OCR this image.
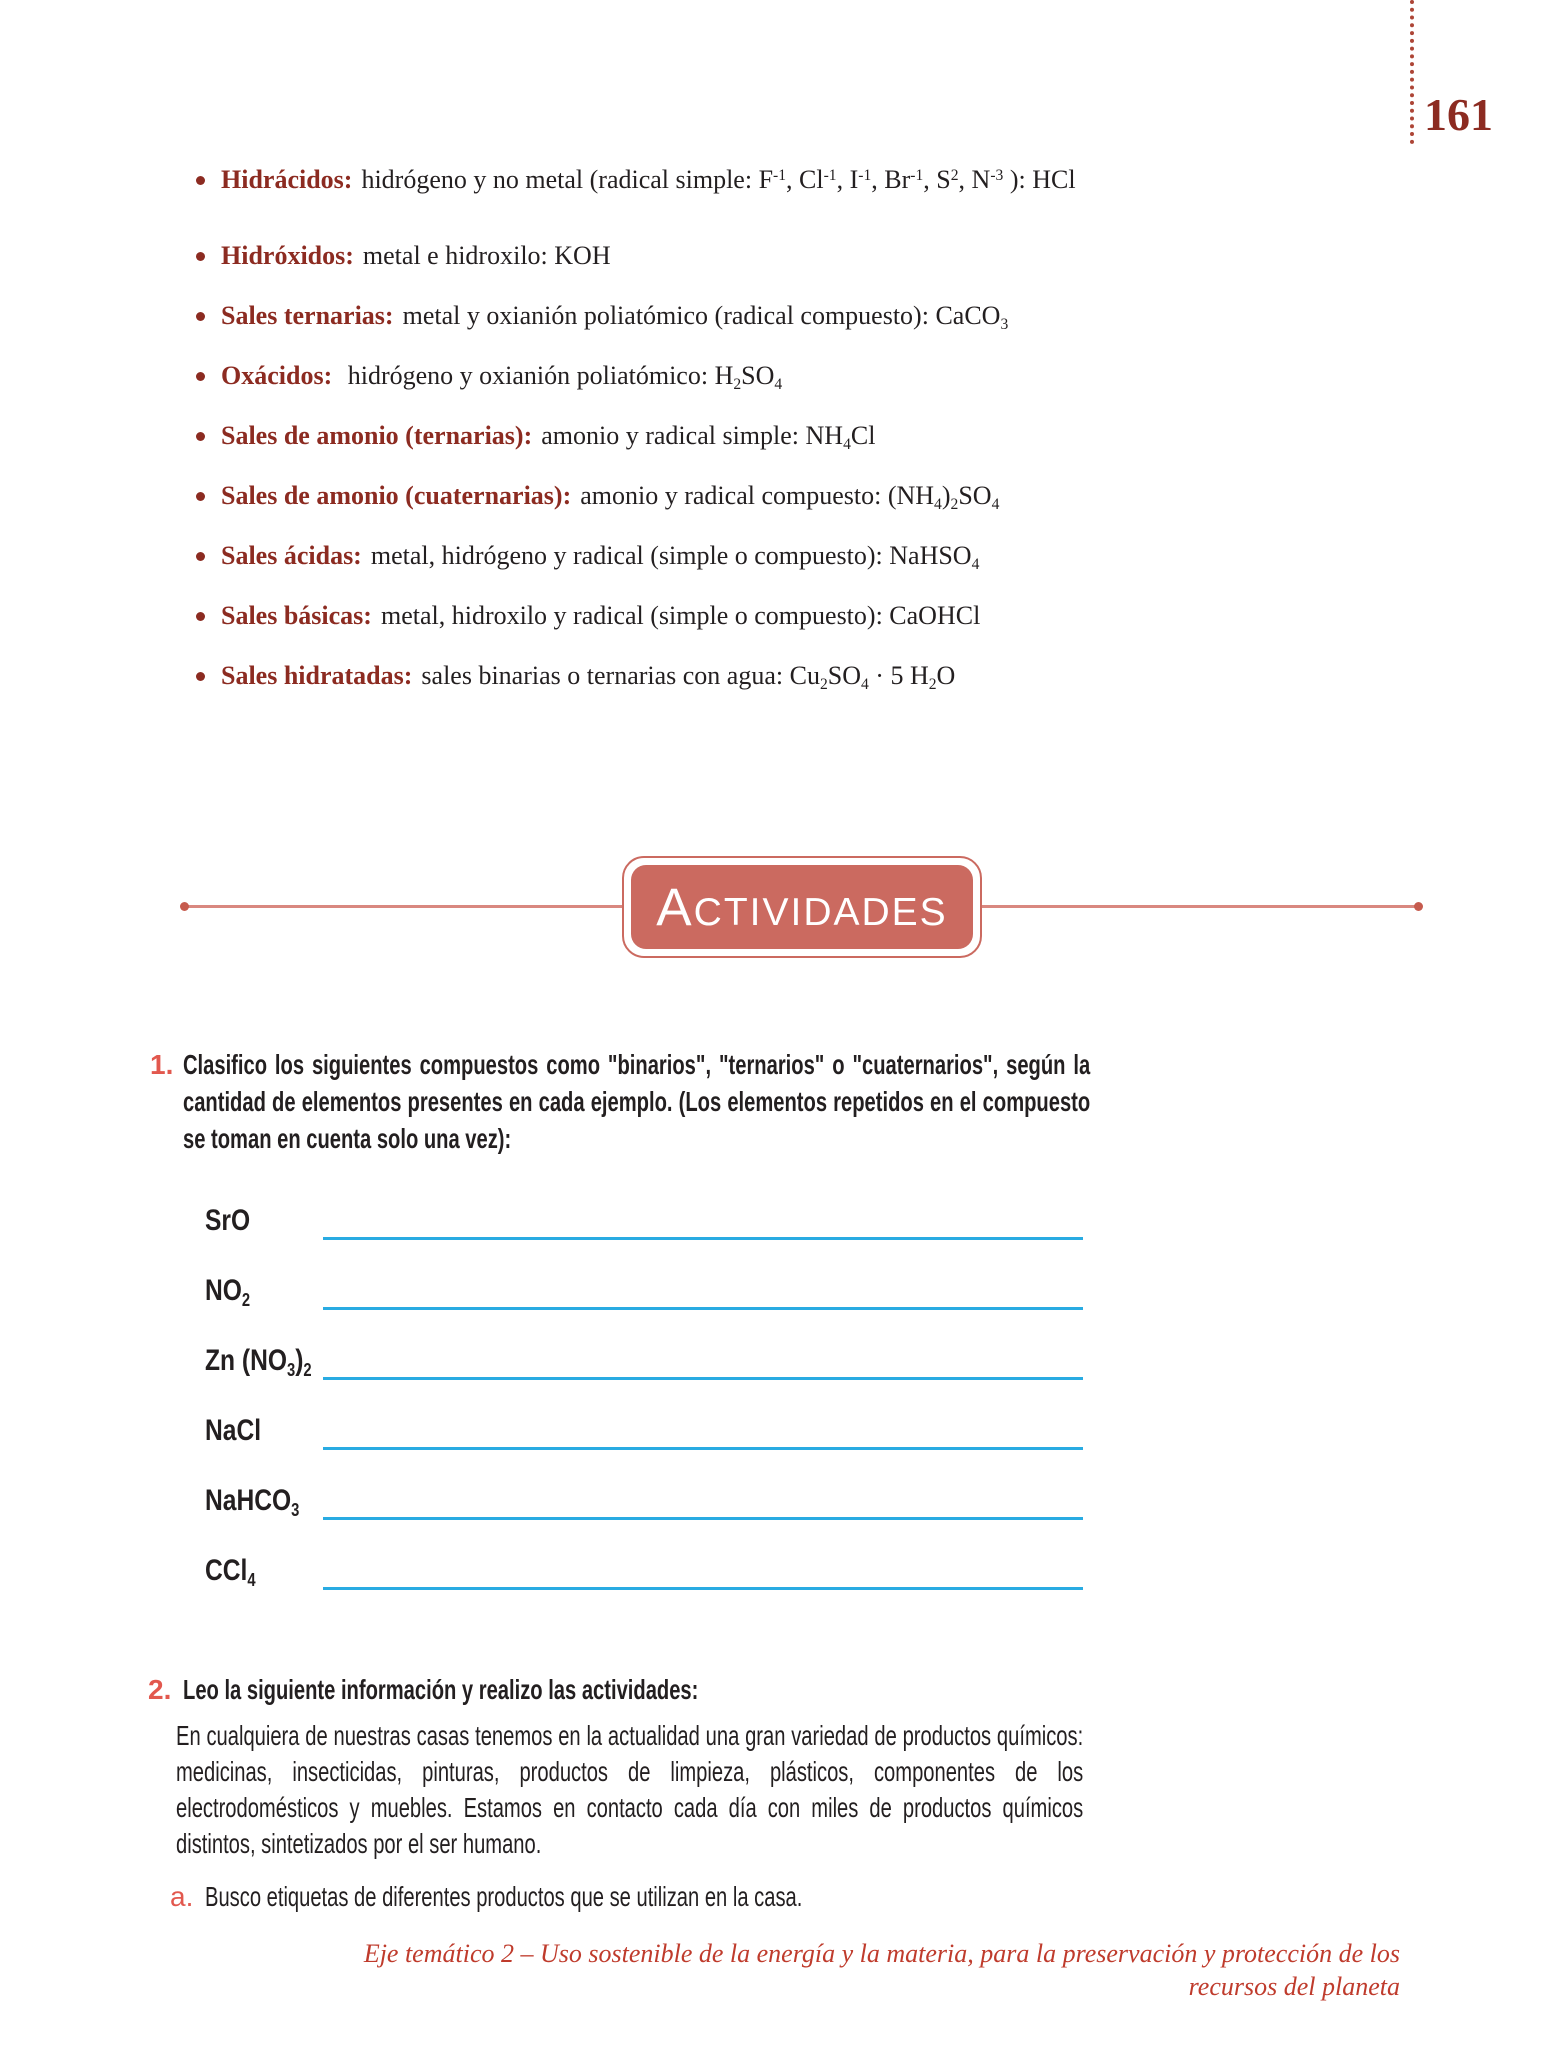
161
Hidrácidos: hidrógeno y no metal (radical simple: $F^{-1}$, $Cl^{-1}$, $I^{-1}$, $Br^{-1}$, $S^2$, $N^{-3}$ ): HCl
Hidróxidos: metal e hidroxilo: KOH
Sales ternarias: metal y oxianión poliatómico (radical compuesto): CaCO$_3$
Oxácidos: hidrógeno y oxianión poliatómico: $H_2SO_4$
Sales de amonio (ternarias): amonio y radical simple: $NH_4Cl$
Sales de amonio (cuaternarias): amonio y radical compuesto: $(NH_4)_2SO_4$
Sales ácidas: metal, hidrógeno y radical (simple o compuesto): NaHSO$_4$
Sales básicas: metal, hidroxilo y radical (simple o compuesto): CaOHCl
Sales hidratadas: sales binarias o ternarias con agua: $Cu_2SO_4 \cdot 5$ $H_2O$
ACTIVIDADES
1. Clasifico los siguientes compuestos como "binarios", "ternarios" o "cuaternarios", según la cantidad de elementos presentes en cada ejemplo. (Los elementos repetidos en el compuesto se toman en cuenta solo una vez):
SrO
$NO_2$
Zn $(NO_3)_2$
NaCl
NaHCO$_3$
CCl$_4$
2. Leo la siguiente información y realizo las actividades:
En cualquiera de nuestras casas tenemos en la actualidad una gran variedad de productos químicos: medicinas, insecticidas, pinturas, productos de limpieza, plásticos, componentes de los electrodomésticos y muebles. Estamos en contacto cada día con miles de productos químicos distintos, sintetizados por el ser humano.
a. Busco etiquetas de diferentes productos que se utilizan en la casa.
Eje temático 2 – Uso sostenible de la energía y la materia, para la preservación y protección de los recursos del planeta
